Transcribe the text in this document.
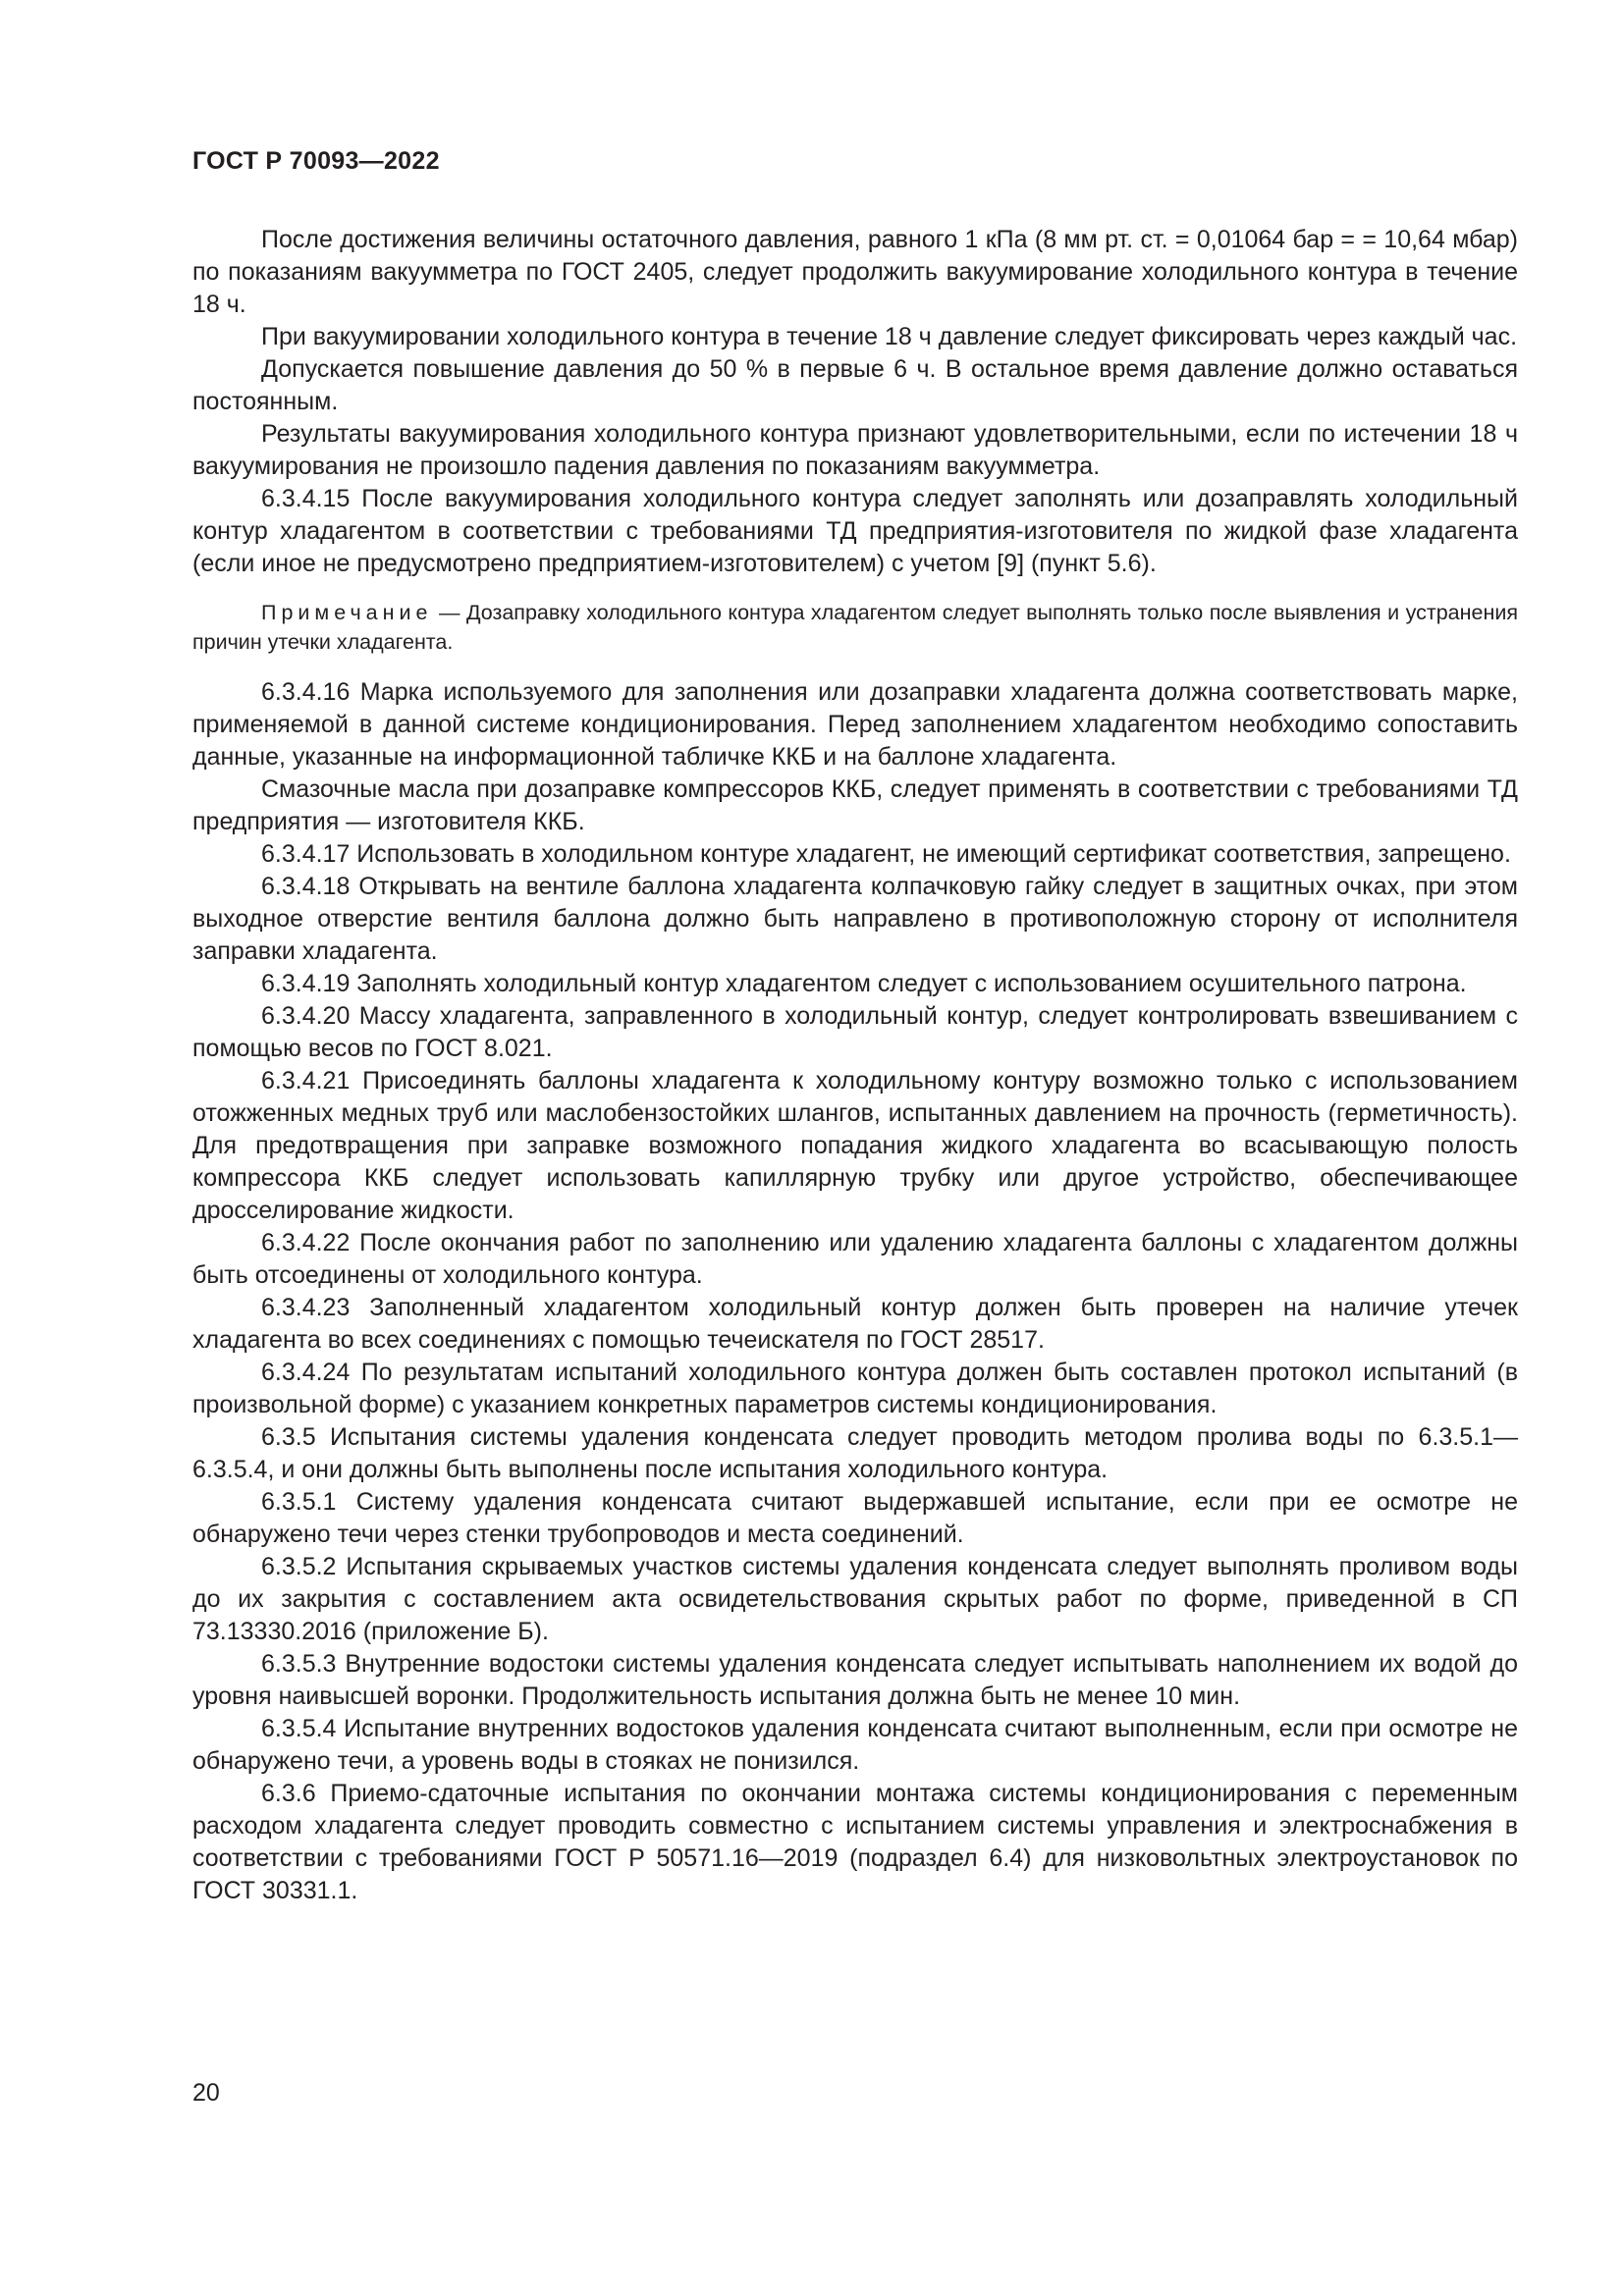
ГОСТ Р 70093—2022

После достижения величины остаточного давления, равного 1 кПа (8 мм рт. ст. = 0,01064 бар = = 10,64 мбар) по показаниям вакуумметра по ГОСТ 2405, следует продолжить вакуумирование холодильного контура в течение 18 ч.

При вакуумировании холодильного контура в течение 18 ч давление следует фиксировать через каждый час.

Допускается повышение давления до 50 % в первые 6 ч. В остальное время давление должно оставаться постоянным.

Результаты вакуумирования холодильного контура признают удовлетворительными, если по истечении 18 ч вакуумирования не произошло падения давления по показаниям вакуумметра.

6.3.4.15 После вакуумирования холодильного контура следует заполнять или дозаправлять холодильный контур хладагентом в соответствии с требованиями ТД предприятия-изготовителя по жидкой фазе хладагента (если иное не предусмотрено предприятием-изготовителем) с учетом [9] (пункт 5.6).

Примечание — Дозаправку холодильного контура хладагентом следует выполнять только после выявления и устранения причин утечки хладагента.

6.3.4.16 Марка используемого для заполнения или дозаправки хладагента должна соответствовать марке, применяемой в данной системе кондиционирования. Перед заполнением хладагентом необходимо сопоставить данные, указанные на информационной табличке ККБ и на баллоне хладагента.

Смазочные масла при дозаправке компрессоров ККБ, следует применять в соответствии с требованиями ТД предприятия — изготовителя ККБ.

6.3.4.17 Использовать в холодильном контуре хладагент, не имеющий сертификат соответствия, запрещено.

6.3.4.18 Открывать на вентиле баллона хладагента колпачковую гайку следует в защитных очках, при этом выходное отверстие вентиля баллона должно быть направлено в противоположную сторону от исполнителя заправки хладагента.

6.3.4.19 Заполнять холодильный контур хладагентом следует с использованием осушительного патрона.

6.3.4.20 Массу хладагента, заправленного в холодильный контур, следует контролировать взвешиванием с помощью весов по ГОСТ 8.021.

6.3.4.21 Присоединять баллоны хладагента к холодильному контуру возможно только с использованием отожженных медных труб или маслобензостойких шлангов, испытанных давлением на прочность (герметичность). Для предотвращения при заправке возможного попадания жидкого хладагента во всасывающую полость компрессора ККБ следует использовать капиллярную трубку или другое устройство, обеспечивающее дросселирование жидкости.

6.3.4.22 После окончания работ по заполнению или удалению хладагента баллоны с хладагентом должны быть отсоединены от холодильного контура.

6.3.4.23 Заполненный хладагентом холодильный контур должен быть проверен на наличие утечек хладагента во всех соединениях с помощью течеискателя по ГОСТ 28517.

6.3.4.24 По результатам испытаний холодильного контура должен быть составлен протокол испытаний (в произвольной форме) с указанием конкретных параметров системы кондиционирования.

6.3.5 Испытания системы удаления конденсата следует проводить методом пролива воды по 6.3.5.1—6.3.5.4, и они должны быть выполнены после испытания холодильного контура.

6.3.5.1 Систему удаления конденсата считают выдержавшей испытание, если при ее осмотре не обнаружено течи через стенки трубопроводов и места соединений.

6.3.5.2 Испытания скрываемых участков системы удаления конденсата следует выполнять проливом воды до их закрытия с составлением акта освидетельствования скрытых работ по форме, приведенной в СП 73.13330.2016 (приложение Б).

6.3.5.3 Внутренние водостоки системы удаления конденсата следует испытывать наполнением их водой до уровня наивысшей воронки. Продолжительность испытания должна быть не менее 10 мин.

6.3.5.4 Испытание внутренних водостоков удаления конденсата считают выполненным, если при осмотре не обнаружено течи, а уровень воды в стояках не понизился.

6.3.6 Приемо-сдаточные испытания по окончании монтажа системы кондиционирования с переменным расходом хладагента следует проводить совместно с испытанием системы управления и электроснабжения в соответствии с требованиями ГОСТ Р 50571.16—2019 (подраздел 6.4) для низковольтных электроустановок по ГОСТ 30331.1.

20
